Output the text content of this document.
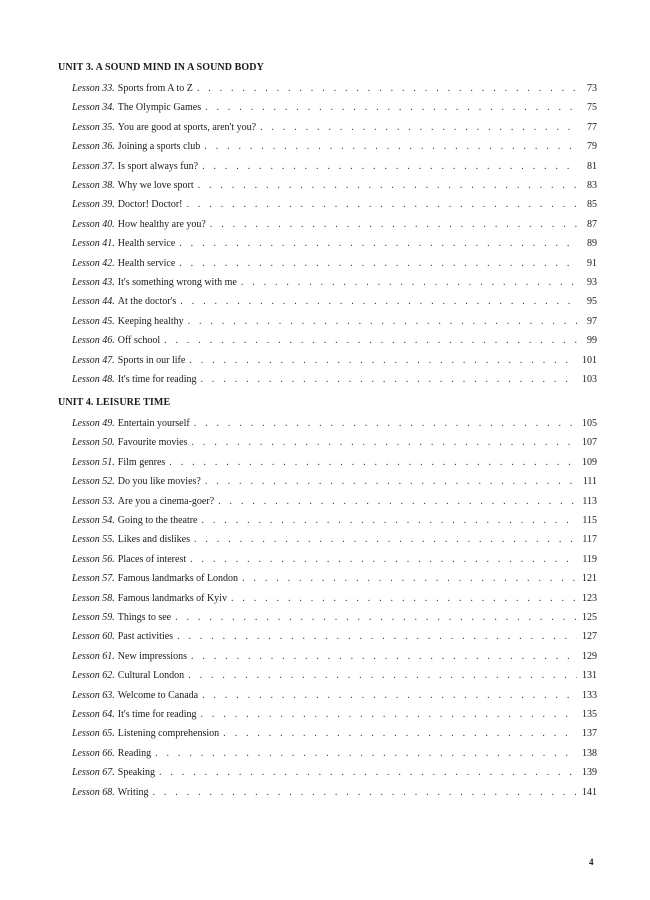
UNIT 3. A SOUND MIND IN A SOUND BODY
Lesson 33. Sports from A to Z . . .	73
Lesson 34. The Olympic Games . . .	75
Lesson 35. You are good at sports, aren't you? . . .	77
Lesson 36. Joining a sports club . . .	79
Lesson 37. Is sport always fun? . . .	81
Lesson 38. Why we love sport . . .	83
Lesson 39. Doctor! Doctor! . . .	85
Lesson 40. How healthy are you? . . .	87
Lesson 41. Health service . . .	89
Lesson 42. Health service . . .	91
Lesson 43. It's something wrong with me . . .	93
Lesson 44. At the doctor's . . .	95
Lesson 45. Keeping healthy . . .	97
Lesson 46. Off school . . .	99
Lesson 47. Sports in our life . . .	101
Lesson 48. It's time for reading . . .	103
UNIT 4. LEISURE TIME
Lesson 49. Entertain yourself . . .	105
Lesson 50. Favourite movies . . .	107
Lesson 51. Film genres . . .	109
Lesson 52. Do you like movies? . . .	111
Lesson 53. Are you a cinema-goer? . . .	113
Lesson 54. Going to the theatre . . .	115
Lesson 55. Likes and dislikes . . .	117
Lesson 56. Places of interest . . .	119
Lesson 57. Famous landmarks of London . . .	121
Lesson 58. Famous landmarks of Kyiv . . .	123
Lesson 59. Things to see . . .	125
Lesson 60. Past activities . . .	127
Lesson 61. New impressions . . .	129
Lesson 62. Cultural London . . .	131
Lesson 63. Welcome to Canada . . .	133
Lesson 64. It's time for reading . . .	135
Lesson 65. Listening comprehension . . .	137
Lesson 66. Reading . . .	138
Lesson 67. Speaking . . .	139
Lesson 68. Writing . . .	141
4
